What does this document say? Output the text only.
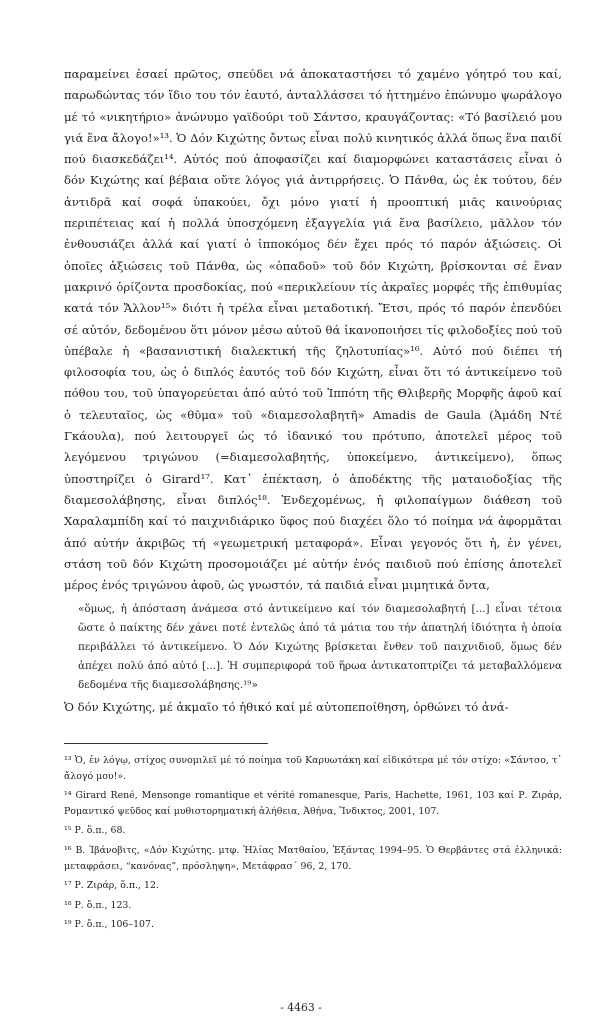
παραμείνει ἐσαεί πρῶτος, σπεύδει νά ἀποκαταστήσει τό χαμένο γόητρό του καί, παρωδώντας τόν ἴδιο του τόν ἑαυτό, ἀνταλλάσσει τό ἡττημένο ἐπώνυμο ψωράλογο μέ τό «νικητήριο» ἀνώνυμο γαϊδούρι τοῦ Σάντσο, κραυγάζοντας: «Τό βασίλειό μου γιά ἕνα ἄλογο!»¹³. Ὁ Δόν Κιχώτης ὄντως εἶναι πολύ κινητικός ἀλλά ὅπως ἕνα παιδί πού διασκεδάζει¹⁴. Αὐτός πού ἀποφασίζει καί διαμορφώνει καταστάσεις εἶναι ὁ δόν Κιχώτης καί βέβαια οὔτε λόγος γιά ἀντιρρήσεις. Ὁ Πάνθα, ὡς ἐκ τούτου, δέν ἀντιδρᾶ καί σοφά ὑπακούει, ὄχι μόνο γιατί ἡ προοπτική μιᾶς καινούριας περιπέτειας καί ἡ πολλά ὑποσχόμενη ἐξαγγελία γιά ἕνα βασίλειο, μᾶλλον τόν ἐνθουσιάζει ἀλλά καί γιατί ὁ ἱπποκόμος δέν ἔχει πρός τό παρόν ἀξιώσεις. Οἱ ὁποῖες ἀξιώσεις τοῦ Πάνθα, ὡς «ὀπαδοῦ» τοῦ δόν Κιχώτη, βρίσκονται σέ ἕναν μακρινό ὁρίζοντα προσδοκίας, πού «περικλείουν τίς ἀκραῖες μορφές τῆς ἐπιθυμίας κατά τόν Ἄλλον¹⁵» διότι ἡ τρέλα εἶναι μεταδοτική. Ἔτσι, πρός τό παρόν ἐπενδύει σέ αὐτόν, δεδομένου ὅτι μόνον μέσω αὐτοῦ θά ἱκανοποιήσει τίς φιλοδοξίες πού τοῦ ὑπέβαλε ἡ «βασανιστική διαλεκτική τῆς ζηλοτυπίας»¹⁶. Αὐτό πού διέπει τή φιλοσοφία του, ὡς ὁ διπλός ἑαυτός τοῦ δόν Κιχώτη, εἶναι ὅτι τό ἀντικείμενο τοῦ πόθου του, τοῦ ὑπαγορεύεται ἀπό αὐτό τοῦ Ἱππότη τῆς Θλιβερῆς Μορφῆς ἀφοῦ καί ὁ τελευταῖος, ὡς «θῦμα» τοῦ «διαμεσολαβητῆ» Amadis de Gaula (Ἀμάδη Ντέ Γκάουλα), πού λειτουργεῖ ὡς τό ἰδανικό του πρότυπο, ἀποτελεῖ μέρος τοῦ λεγόμενου τριγώνου (=διαμεσολαβητής, ὑποκείμενο, ἀντικείμενο), ὅπως ὑποστηρίζει ὁ Girard¹⁷. Κατ᾽ ἐπέκταση, ὁ ἀποδέκτης τῆς ματαιοδοξίας τῆς διαμεσολάβησης, εἶναι διπλός¹⁸. Ἑνδεχομένως, ἡ φιλοπαίγμων διάθεση τοῦ Χαραλαμπίδη καί τό παιχνιδιάρικο ὕφος πού διαχέει ὅλο τό ποίημα νά ἀφορμᾶται ἀπό αὐτήν ἀκριβῶς τή «γεωμετρική μεταφορά». Εἶναι γεγονός ὅτι ἡ, ἐν γένει, στάση τοῦ δόν Κιχώτη προσομοιάζει μέ αὐτήν ἑνός παιδιοῦ πού ἐπίσης ἀποτελεῖ μέρος ἑνός τριγώνου ἀφοῦ, ὡς γνωστόν, τά παιδιά εἶναι μιμητικά ὄντα,

«ὅμως, ἡ ἀπόσταση ἀνάμεσα στό ἀντικείμενο καί τόν διαμεσολαβητή [...] εἶναι τέτοια ὥστε ὁ παίκτης δέν χάνει ποτέ ἐντελῶς ἀπό τά μάτια του τήν ἀπατηλή ἰδιότητα ἡ ὁποία περιβάλλει τό ἀντικείμενο. Ὁ Δόν Κιχώτης βρίσκεται ἔνθεν τοῦ παιχνιδιοῦ, ὅμως δέν ἀπέχει πολύ ἀπό αὐτό [...]. Ἡ συμπεριφορά τοῦ ἥρωα ἀντικατοπτρίζει τά μεταβαλλόμενα δεδομένα τῆς διαμεσολάβησης.¹⁹»

Ὁ δόν Κιχώτης, μέ ἀκμαῖο τό ἠθικό καί μέ αὐτοπεποίθηση, ὀρθώνει τό ἀνά-

¹³ Ὁ, ἐν λόγῳ, στίχος συνομιλεῖ μέ τό ποίημα τοῦ Καρυωτάκη καί εἰδικότερα μέ τόν στίχο: «Σάντσο, τ᾽ ἄλογό μου!».

¹⁴ Girard René, Mensonge romantique et vérité romanesque, Paris, Hachette, 1961, 103 καί Ρ. Ζιράρ, Ρομαντικό ψεῦδος καί μυθιστορηματική ἀλήθεια, Ἀθήνα, Ἴνδικτος, 2001, 107.

¹⁵ Ρ. ὅ.π., 68.

¹⁶ Β. Ἰβάνοβιτς, «Δόν Κιχώτης. μτφ. Ἡλίας Ματθαίου, Ἐξάντας 1994–95. Ὁ Θερβάντες στά ἑλληνικά: μεταφράσει, “κανόνας”, πρόσληψη», Μετάφρασ΄ 96, 2, 170.

¹⁷ Ρ. Ζιράρ, ὅ.π., 12.

¹⁸ Ρ. ὅ.π., 123.

¹⁹ Ρ. ὅ.π., 106–107.

- 4463 -
